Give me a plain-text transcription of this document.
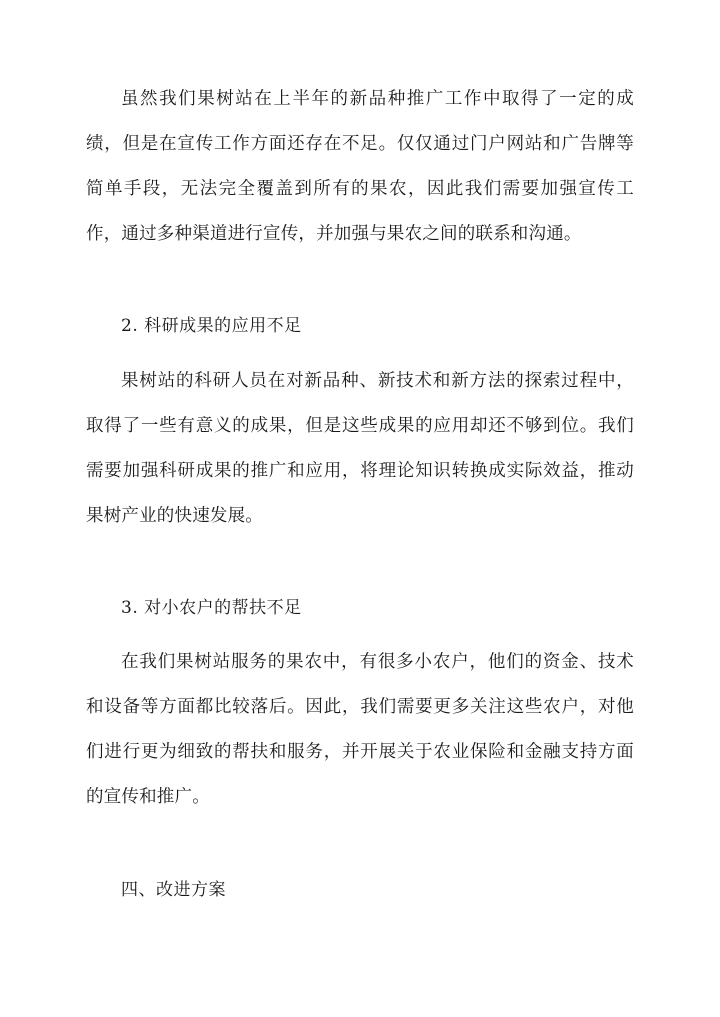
虽然我们果树站在上半年的新品种推广工作中取得了一定的成绩，但是在宣传工作方面还存在不足。仅仅通过门户网站和广告牌等简单手段，无法完全覆盖到所有的果农，因此我们需要加强宣传工作，通过多种渠道进行宣传，并加强与果农之间的联系和沟通。

2. 科研成果的应用不足

果树站的科研人员在对新品种、新技术和新方法的探索过程中，取得了一些有意义的成果，但是这些成果的应用却还不够到位。我们需要加强科研成果的推广和应用，将理论知识转换成实际效益，推动果树产业的快速发展。

3. 对小农户的帮扶不足

在我们果树站服务的果农中，有很多小农户，他们的资金、技术和设备等方面都比较落后。因此，我们需要更多关注这些农户，对他们进行更为细致的帮扶和服务，并开展关于农业保险和金融支持方面的宣传和推广。

四、改进方案
